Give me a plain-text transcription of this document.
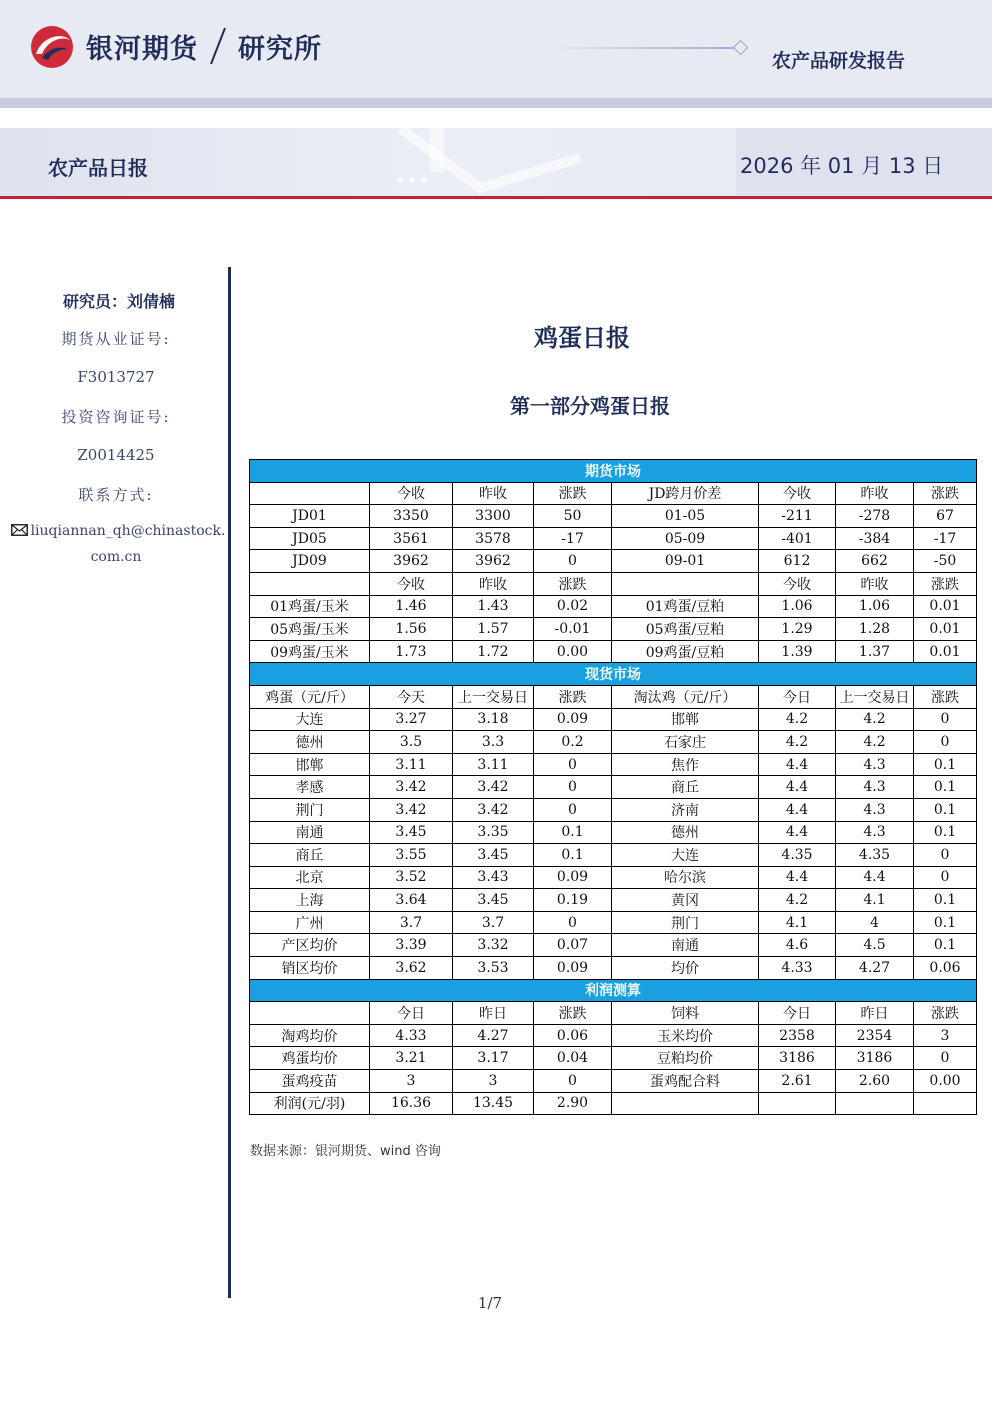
银河期货 研究所	农产品研发报告
农产品日报	2026 年 01 月 13 日
研究员：刘倩楠
期货从业证号:
F3013727
投资咨询证号:
Z0014425
联系方式:
liuqiannan_qh@chinastock.
com.cn
鸡蛋日报
第一部分鸡蛋日报
期货市场							
	今收	昨收	涨跌	JD跨月价差	今收	昨收	涨跌
JD01	3350	3300	50	01-05	-211	-278	67
JD05	3561	3578	-17	05-09	-401	-384	-17
JD09	3962	3962	0	09-01	612	662	-50
	今收	昨收	涨跌		今收	昨收	涨跌
01鸡蛋/玉米	1.46	1.43	0.02	01鸡蛋/豆粕	1.06	1.06	0.01
05鸡蛋/玉米	1.56	1.57	-0.01	05鸡蛋/豆粕	1.29	1.28	0.01
09鸡蛋/玉米	1.73	1.72	0.00	09鸡蛋/豆粕	1.39	1.37	0.01
现货市场							
鸡蛋（元/斤）	今天	上一交易日	涨跌	淘汰鸡（元/斤）	今日	上一交易日	涨跌
大连	3.27	3.18	0.09	邯郸	4.2	4.2	0
德州	3.5	3.3	0.2	石家庄	4.2	4.2	0
邯郸	3.11	3.11	0	焦作	4.4	4.3	0.1
孝感	3.42	3.42	0	商丘	4.4	4.3	0.1
荆门	3.42	3.42	0	济南	4.4	4.3	0.1
南通	3.45	3.35	0.1	德州	4.4	4.3	0.1
商丘	3.55	3.45	0.1	大连	4.35	4.35	0
北京	3.52	3.43	0.09	哈尔滨	4.4	4.4	0
上海	3.64	3.45	0.19	黄冈	4.2	4.1	0.1
广州	3.7	3.7	0	荆门	4.1	4	0.1
产区均价	3.39	3.32	0.07	南通	4.6	4.5	0.1
销区均价	3.62	3.53	0.09	均价	4.33	4.27	0.06
利润测算							
	今日	昨日	涨跌	饲料	今日	昨日	涨跌
淘鸡均价	4.33	4.27	0.06	玉米均价	2358	2354	3
鸡蛋均价	3.21	3.17	0.04	豆粕均价	3186	3186	0
蛋鸡疫苗	3	3	0	蛋鸡配合料	2.61	2.60	0.00
利润(元/羽)	16.36	13.45	2.90				
数据来源：银河期货、wind 咨询
1/7
